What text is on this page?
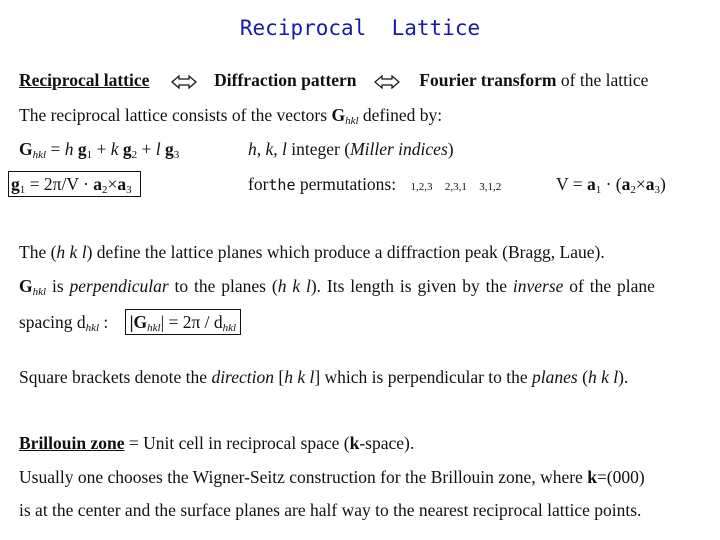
Reciprocal  Lattice
Reciprocal lattice	Diffraction pattern	Fourier transform of the lattice
The reciprocal lattice consists of the vectors $G_{hkl}$ defined by:
$G_{hkl} = h$ $g_1 + k$ $g_2 + l$ $g_3$	h, k, l integer (Miller indices)
$g_1 = 2\pi/V \cdot a_2\times a_3$	forthe permutations: 1,2,3 2,3,1 3,1,2	$V = a_1 \cdot (a_2\times a_3)$
The (h k l) define the lattice planes which produce a diffraction peak (Bragg, Laue).
$G_{hkl}$ is perpendicular to the planes (h k l). Its length is given by the inverse of the plane
spacing $d_{hkl}$ : $|G_{hkl}| = 2\pi / d_{hkl}$
Square brackets denote the direction [h k l] which is perpendicular to the planes (h k l).
Brillouin zone = Unit cell in reciprocal space (k-space).
Usually one chooses the Wigner-Seitz construction for the Brillouin zone, where k=(000)
is at the center and the surface planes are half way to the nearest reciprocal lattice points.
